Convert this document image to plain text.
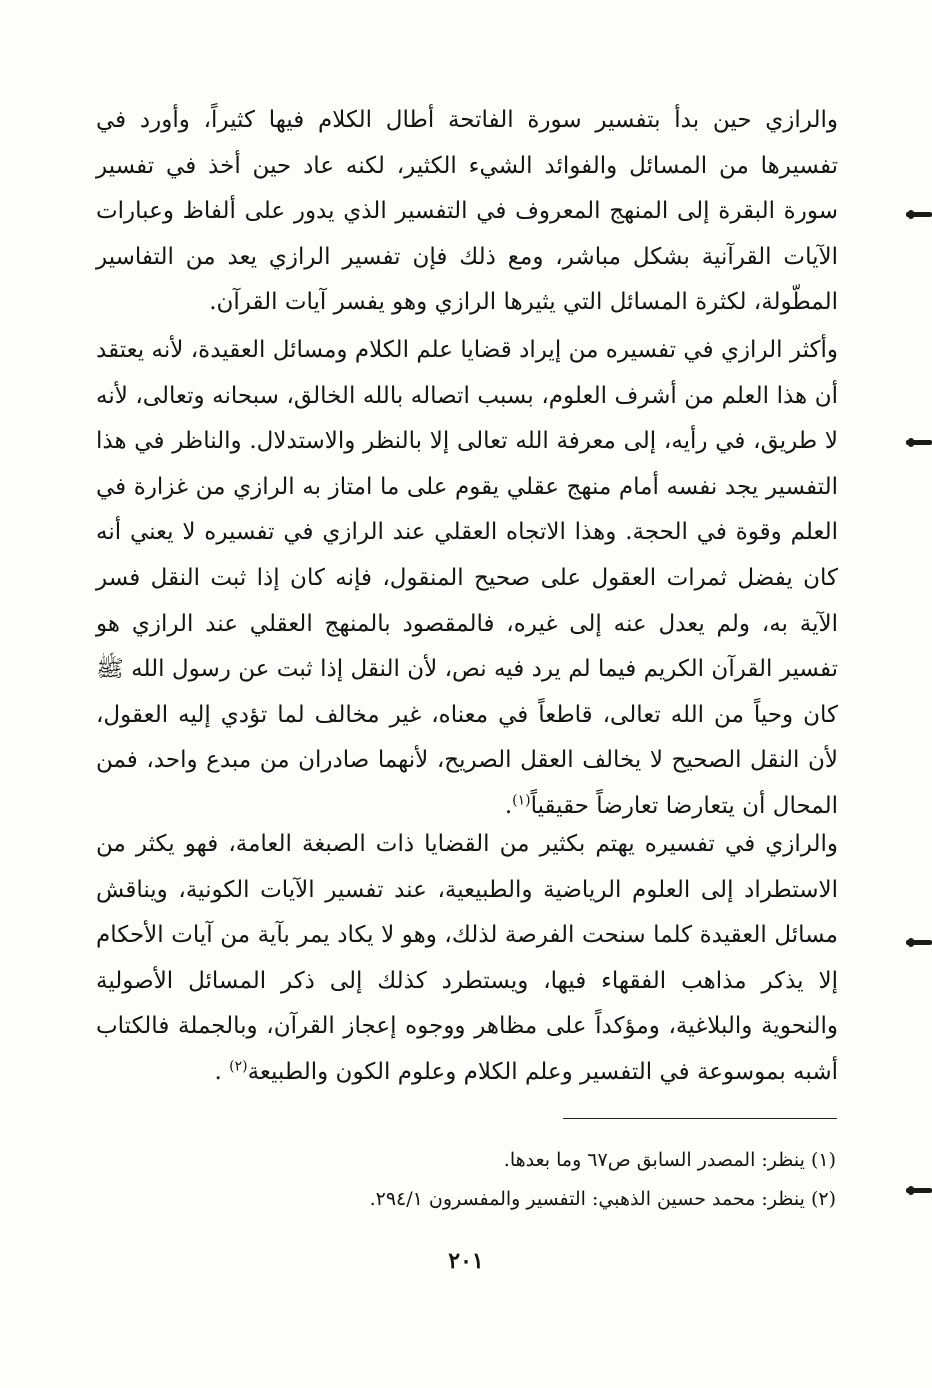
والرازي حين بدأ بتفسير سورة الفاتحة أطال الكلام فيها كثيراً، وأورد في تفسيرها من المسائل والفوائد الشيء الكثير، لكنه عاد حين أخذ في تفسير سورة البقرة إلى المنهج المعروف في التفسير الذي يدور على ألفاظ وعبارات الآيات القرآنية بشكل مباشر، ومع ذلك فإن تفسير الرازي يعد من التفاسير المطّولة، لكثرة المسائل التي يثيرها الرازي وهو يفسر آيات القرآن.
وأكثر الرازي في تفسيره من إيراد قضايا علم الكلام ومسائل العقيدة، لأنه يعتقد أن هذا العلم من أشرف العلوم، بسبب اتصاله بالله الخالق، سبحانه وتعالى، لأنه لا طريق، في رأيه، إلى معرفة الله تعالى إلا بالنظر والاستدلال. والناظر في هذا التفسير يجد نفسه أمام منهج عقلي يقوم على ما امتاز به الرازي من غزارة في العلم وقوة في الحجة. وهذا الاتجاه العقلي عند الرازي في تفسيره لا يعني أنه كان يفضل ثمرات العقول على صحيح المنقول، فإنه كان إذا ثبت النقل فسر الآية به، ولم يعدل عنه إلى غيره، فالمقصود بالمنهج العقلي عند الرازي هو تفسير القرآن الكريم فيما لم يرد فيه نص، لأن النقل إذا ثبت عن رسول الله ﷺ كان وحياً من الله تعالى، قاطعاً في معناه، غير مخالف لما تؤدي إليه العقول، لأن النقل الصحيح لا يخالف العقل الصريح، لأنهما صادران من مبدع واحد، فمن المحال أن يتعارضا تعارضاً حقيقياً$^{(١)}$.
والرازي في تفسيره يهتم بكثير من القضايا ذات الصبغة العامة، فهو يكثر من الاستطراد إلى العلوم الرياضية والطبيعية، عند تفسير الآيات الكونية، ويناقش مسائل العقيدة كلما سنحت الفرصة لذلك، وهو لا يكاد يمر بآية من آيات الأحكام إلا يذكر مذاهب الفقهاء فيها، ويستطرد كذلك إلى ذكر المسائل الأصولية والنحوية والبلاغية، ومؤكداً على مظاهر ووجوه إعجاز القرآن، وبالجملة فالكتاب أشبه بموسوعة في التفسير وعلم الكلام وعلوم الكون والطبيعة$^{(٢)}$ .
(١) ينظر: المصدر السابق ص٦٧ وما بعدها.
(٢) ينظر: محمد حسين الذهبي: التفسير والمفسرون ٢٩٤/١.
٢٠١
